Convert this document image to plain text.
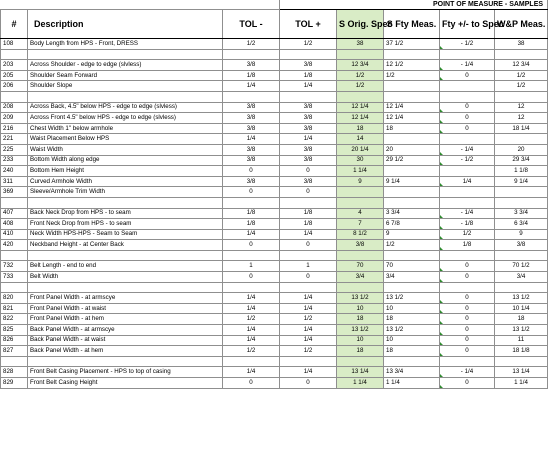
			POINT OF MEASURE - SAMPLES				
#	Description	TOL -	TOL +	S Orig. Spec	S Fty Meas.	Fty +/- to Spec	W&P Meas.
108	Body Length from HPS - Front, DRESS	1/2	1/2	38	37 1/2	- 1/2	38

203	Across Shoulder - edge to edge (slvless)	3/8	3/8	12 3/4	12 1/2	- 1/4	12 3/4
205	Shoulder Seam Forward	1/8	1/8	1/2	1/2	0	1/2
206	Shoulder Slope	1/4	1/4	1/2			1/2

208	Across Back, 4.5" below HPS - edge to edge (slvless)	3/8	3/8	12 1/4	12 1/4	0	12
209	Across Front 4.5" below HPS - edge to edge (slvless)	3/8	3/8	12 1/4	12 1/4	0	12
216	Chest Width 1" below armhole	3/8	3/8	18	18	0	18 1/4
221	Waist Placement Below HPS	1/4	1/4	14			
225	Waist Width	3/8	3/8	20 1/4	20	- 1/4	20
233	Bottom Width along edge	3/8	3/8	30	29 1/2	- 1/2	29 3/4
240	Bottom Hem Height	0	0	1 1/4			1 1/8
311	Curved Armhole Width	3/8	3/8	9	9 1/4	1/4	9 1/4
369	Sleeve/Armhole Trim Width	0	0				

407	Back Neck Drop from HPS - to seam	1/8	1/8	4	3 3/4	- 1/4	3 3/4
408	Front Neck Drop from HPS - to seam	1/8	1/8	7	6 7/8	- 1/8	6 3/4
410	Neck Width HPS-HPS - Seam to Seam	1/4	1/4	8 1/2	9	1/2	9
420	Neckband Height - at Center Back	0	0	3/8	1/2	1/8	3/8

732	Belt Length - end to end	1	1	70	70	0	70 1/2
733	Belt Width	0	0	3/4	3/4	0	3/4

820	Front Panel Width - at armscye	1/4	1/4	13 1/2	13 1/2	0	13 1/2
821	Front Panel Width - at waist	1/4	1/4	10	10	0	10 1/4
822	Front Panel Width - at hem	1/2	1/2	18	18	0	18
825	Back Panel Width - at armscye	1/4	1/4	13 1/2	13 1/2	0	13 1/2
826	Back Panel Width - at waist	1/4	1/4	10	10	0	11
827	Back Panel Width - at hem	1/2	1/2	18	18	0	18 1/8

828	Front Belt Casing Placement - HPS to top of casing	1/4	1/4	13 1/4	13 3/4	- 1/4	13 1/4
829	Front Belt Casing Height	0	0	1 1/4	1 1/4	0	1 1/4
